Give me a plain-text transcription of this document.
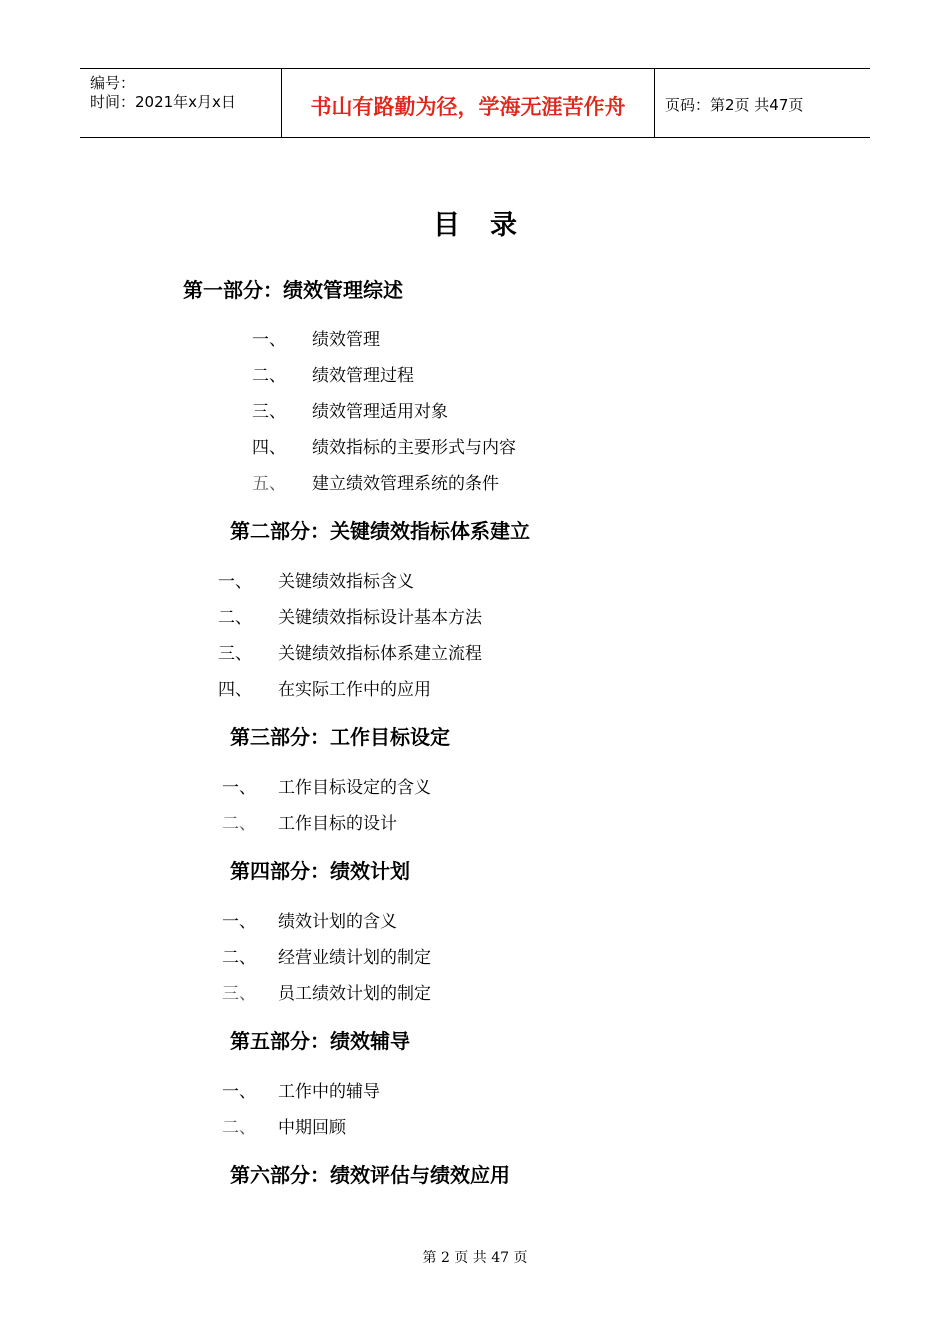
编号：
时间：2021年x月x日	书山有路勤为径，学海无涯苦作舟	页码：第2页 共47页
目录
第一部分：绩效管理综述
一、 绩效管理
二、 绩效管理过程
三、 绩效管理适用对象
四、 绩效指标的主要形式与内容
五、 建立绩效管理系统的条件
第二部分：关键绩效指标体系建立
一、 关键绩效指标含义
二、 关键绩效指标设计基本方法
三、 关键绩效指标体系建立流程
四、 在实际工作中的应用
第三部分：工作目标设定
一、 工作目标设定的含义
二、 工作目标的设计
第四部分：绩效计划
一、 绩效计划的含义
二、 经营业绩计划的制定
三、 员工绩效计划的制定
第五部分：绩效辅导
一、 工作中的辅导
二、 中期回顾
第六部分：绩效评估与绩效应用
第 2 页 共 47 页
